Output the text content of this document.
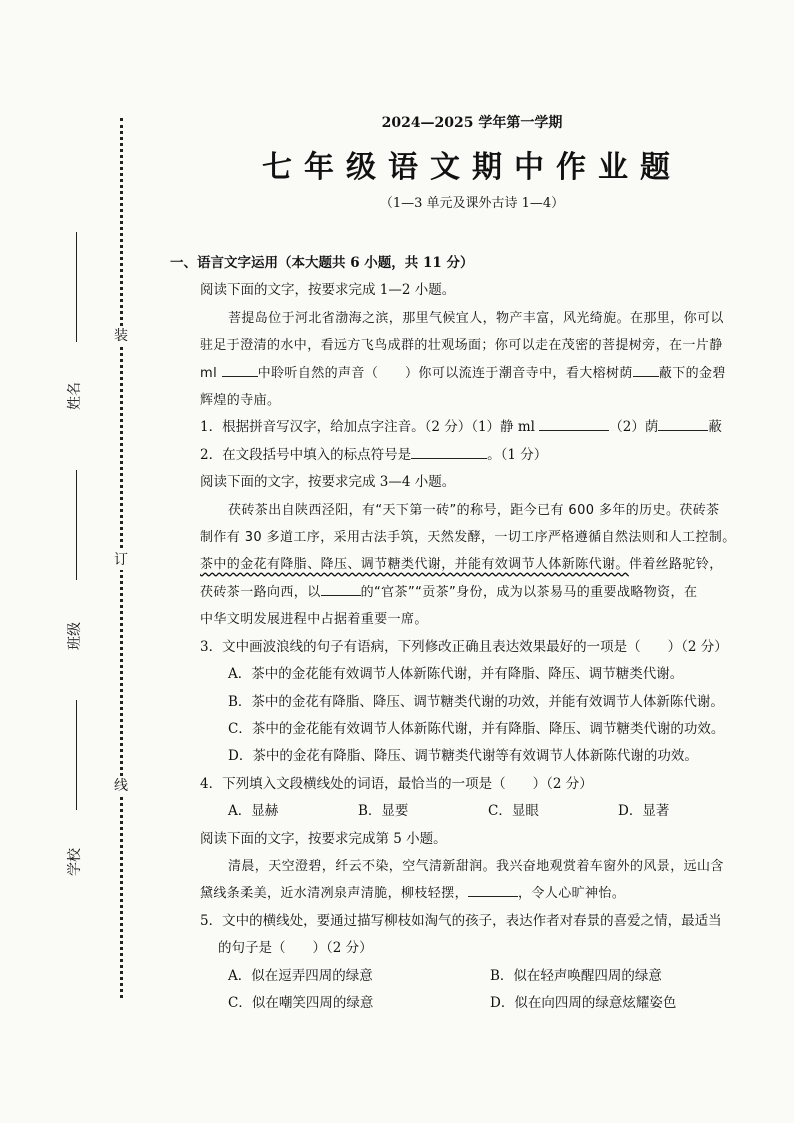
装
订
线
姓名
班级
学校
2024—2025 学年第一学期
七年级语文期中作业题
（1—3 单元及课外古诗 1—4）

一、语言文字运用（本大题共 6 小题，共 11 分）

阅读下面的文字，按要求完成 1—2 小题。

菩提岛位于河北省渤海之滨，那里气候宜人，物产丰富，风光绮旎。在那里，你可以

驻足于澄清的水中，看远方飞鸟成群的壮观场面；你可以走在茂密的菩提树旁，在一片静

ml	中聆听自然的声音（　　）你可以流连于潮音寺中，看大榕树荫 蔽下的金碧

辉煌的寺庙。

1．根据拼音写汉字，给加点字注音。（2 分）（1）静 ml	（2）荫	蔽

2．在文段括号中填入的标点符号是	。（1 分）

阅读下面的文字，按要求完成 3—4 小题。

茯砖茶出自陕西泾阳，有“天下第一砖”的称号，距今已有 600 多年的历史。茯砖茶

制作有 30 多道工序，采用古法手筑，天然发酵，一切工序严格遵循自然法则和人工控制。

茶中的金花有降脂、降压、调节糖类代谢，并能有效调节人体新陈代谢。伴着丝路驼铃，

茯砖茶一路向西，以	的“官茶”“贡茶”身份，成为以茶易马的重要战略物资，在

中华文明发展进程中占据着重要一席。

3．文中画波浪线的句子有语病，下列修改正确且表达效果最好的一项是（　　）（2 分）

A．茶中的金花能有效调节人体新陈代谢，并有降脂、降压、调节糖类代谢。

B．茶中的金花有降脂、降压、调节糖类代谢的功效，并能有效调节人体新陈代谢。

C．茶中的金花能有效调节人体新陈代谢，并有降脂、降压、调节糖类代谢的功效。

D．茶中的金花有降脂、降压、调节糖类代谢等有效调节人体新陈代谢的功效。

4．下列填入文段横线处的词语，最恰当的一项是（　　）（2 分）

A．显赫	B．显要	C．显眼	D．显著

阅读下面的文字，按要求完成第 5 小题。

清晨，天空澄碧，纤云不染，空气清新甜润。我兴奋地观赏着车窗外的风景，远山含

黛线条柔美，近水清冽泉声清脆，柳枝轻摆，	，令人心旷神怡。

5．文中的横线处，要通过描写柳枝如淘气的孩子，表达作者对春景的喜爱之情，最适当

的句子是（　　）（2 分）

A．似在逗弄四周的绿意	B．似在轻声唤醒四周的绿意

C．似在嘲笑四周的绿意	D．似在向四周的绿意炫耀姿色
